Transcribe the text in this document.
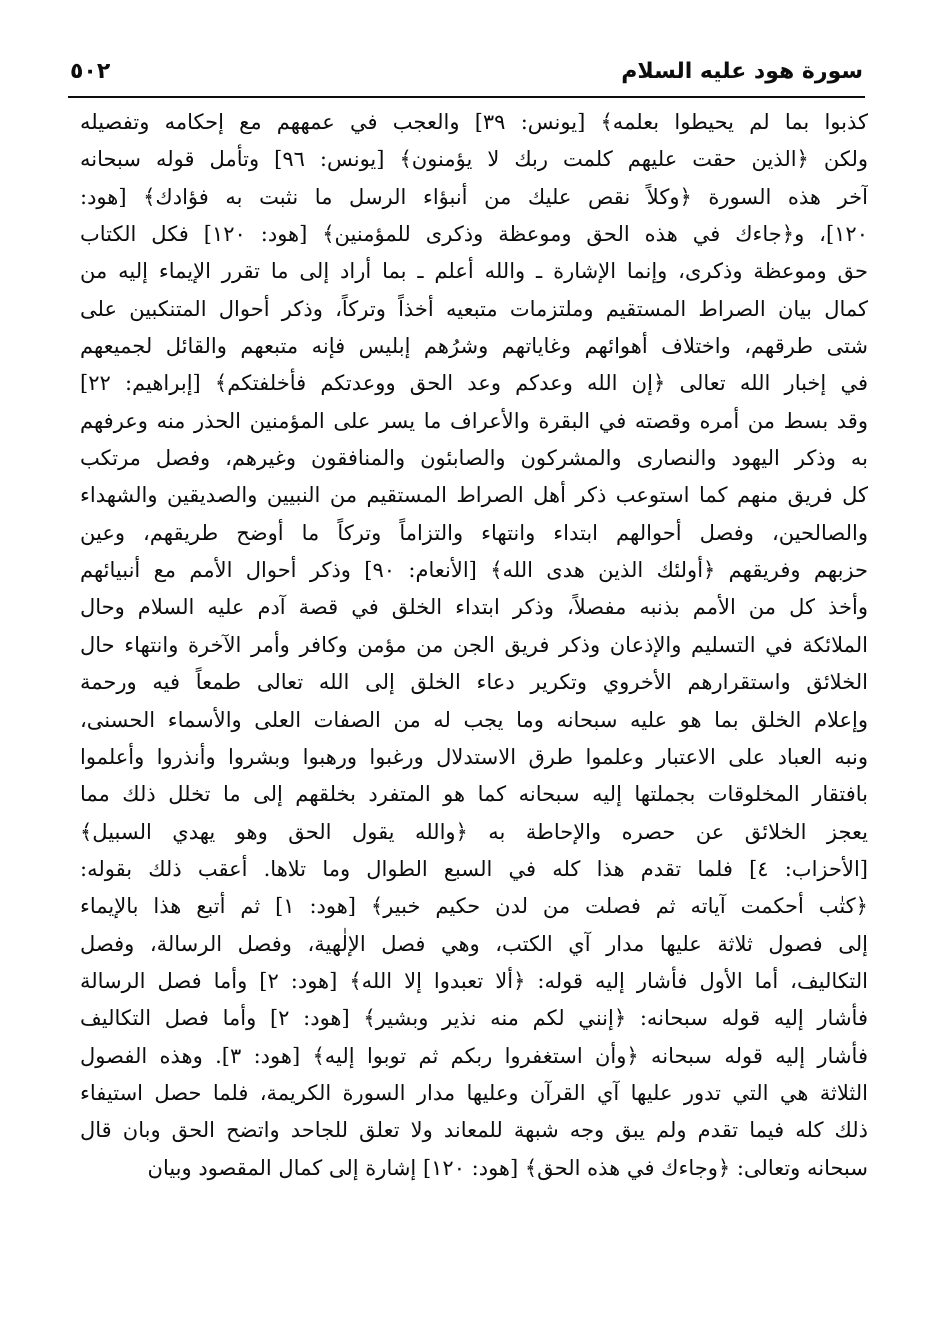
سورة هود عليه السلام
٥٠٢
كذبوا بما لم يحيطوا بعلمه﴾ [يونس: ٣٩] والعجب في عمههم مع إحكامه وتفصيله
ولكن ﴿الذين حقت عليهم كلمت ربك لا يؤمنون﴾ [يونس: ٩٦] وتأمل قوله سبحانه
آخر هذه السورة ﴿وكلاً نقص عليك من أنبؤاء الرسل ما نثبت به فؤادك﴾ [هود:
١٢٠]، و﴿جاءك في هذه الحق وموعظة وذكرى للمؤمنين﴾ [هود: ١٢٠] فكل الكتاب
حق وموعظة وذكرى، وإنما الإشارة ـ والله أعلم ـ بما أراد إلى ما تقرر الإيماء إليه من
كمال بيان الصراط المستقيم وملتزمات متبعيه أخذاً وتركاً، وذكر أحوال المتنكبين على
شتى طرقهم، واختلاف أهوائهم وغاياتهم وشرُهم إبليس فإنه متبعهم والقائل لجميعهم
في إخبار الله تعالى ﴿إن الله وعدكم وعد الحق ووعدتكم فأخلفتكم﴾ [إبراهيم: ٢٢]
وقد بسط من أمره وقصته في البقرة والأعراف ما يسر على المؤمنين الحذر منه وعرفهم
به وذكر اليهود والنصارى والمشركون والصابئون والمنافقون وغيرهم، وفصل مرتكب
كل فريق منهم كما استوعب ذكر أهل الصراط المستقيم من النبيين والصديقين والشهداء
والصالحين، وفصل أحوالهم ابتداء وانتهاء والتزاماً وتركاً ما أوضح طريقهم، وعين
حزبهم وفريقهم ﴿أولئك الذين هدى الله﴾ [الأنعام: ٩٠] وذكر أحوال الأمم مع أنبيائهم
وأخذ كل من الأمم بذنبه مفصلاً، وذكر ابتداء الخلق في قصة آدم عليه السلام وحال
الملائكة في التسليم والإذعان وذكر فريق الجن من مؤمن وكافر وأمر الآخرة وانتهاء حال
الخلائق واستقرارهم الأخروي وتكرير دعاء الخلق إلى الله تعالى طمعاً فيه ورحمة
وإعلام الخلق بما هو عليه سبحانه وما يجب له من الصفات العلى والأسماء الحسنى،
ونبه العباد على الاعتبار وعلموا طرق الاستدلال ورغبوا ورهبوا وبشروا وأنذروا وأعلموا
بافتقار المخلوقات بجملتها إليه سبحانه كما هو المتفرد بخلقهم إلى ما تخلل ذلك مما
يعجز الخلائق عن حصره والإحاطة به ﴿والله يقول الحق وهو يهدي السبيل﴾
[الأحزاب: ٤] فلما تقدم هذا كله في السبع الطوال وما تلاها. أعقب ذلك بقوله:
﴿كتٰب أحكمت آياته ثم فصلت من لدن حكيم خبير﴾ [هود: ١] ثم أتبع هذا بالإيماء
إلى فصول ثلاثة عليها مدار آي الكتب، وهي فصل الإلٰهية، وفصل الرسالة، وفصل
التكاليف، أما الأول فأشار إليه قوله: ﴿ألا تعبدوا إلا الله﴾ [هود: ٢] وأما فصل الرسالة
فأشار إليه قوله سبحانه: ﴿إنني لكم منه نذير وبشير﴾ [هود: ٢] وأما فصل التكاليف
فأشار إليه قوله سبحانه ﴿وأن استغفروا ربكم ثم توبوا إليه﴾ [هود: ٣]. وهذه الفصول
الثلاثة هي التي تدور عليها آي القرآن وعليها مدار السورة الكريمة، فلما حصل استيفاء
ذلك كله فيما تقدم ولم يبق وجه شبهة للمعاند ولا تعلق للجاحد واتضح الحق وبان قال
سبحانه وتعالى: ﴿وجاءك في هذه الحق﴾ [هود: ١٢٠] إشارة إلى كمال المقصود وبيان
